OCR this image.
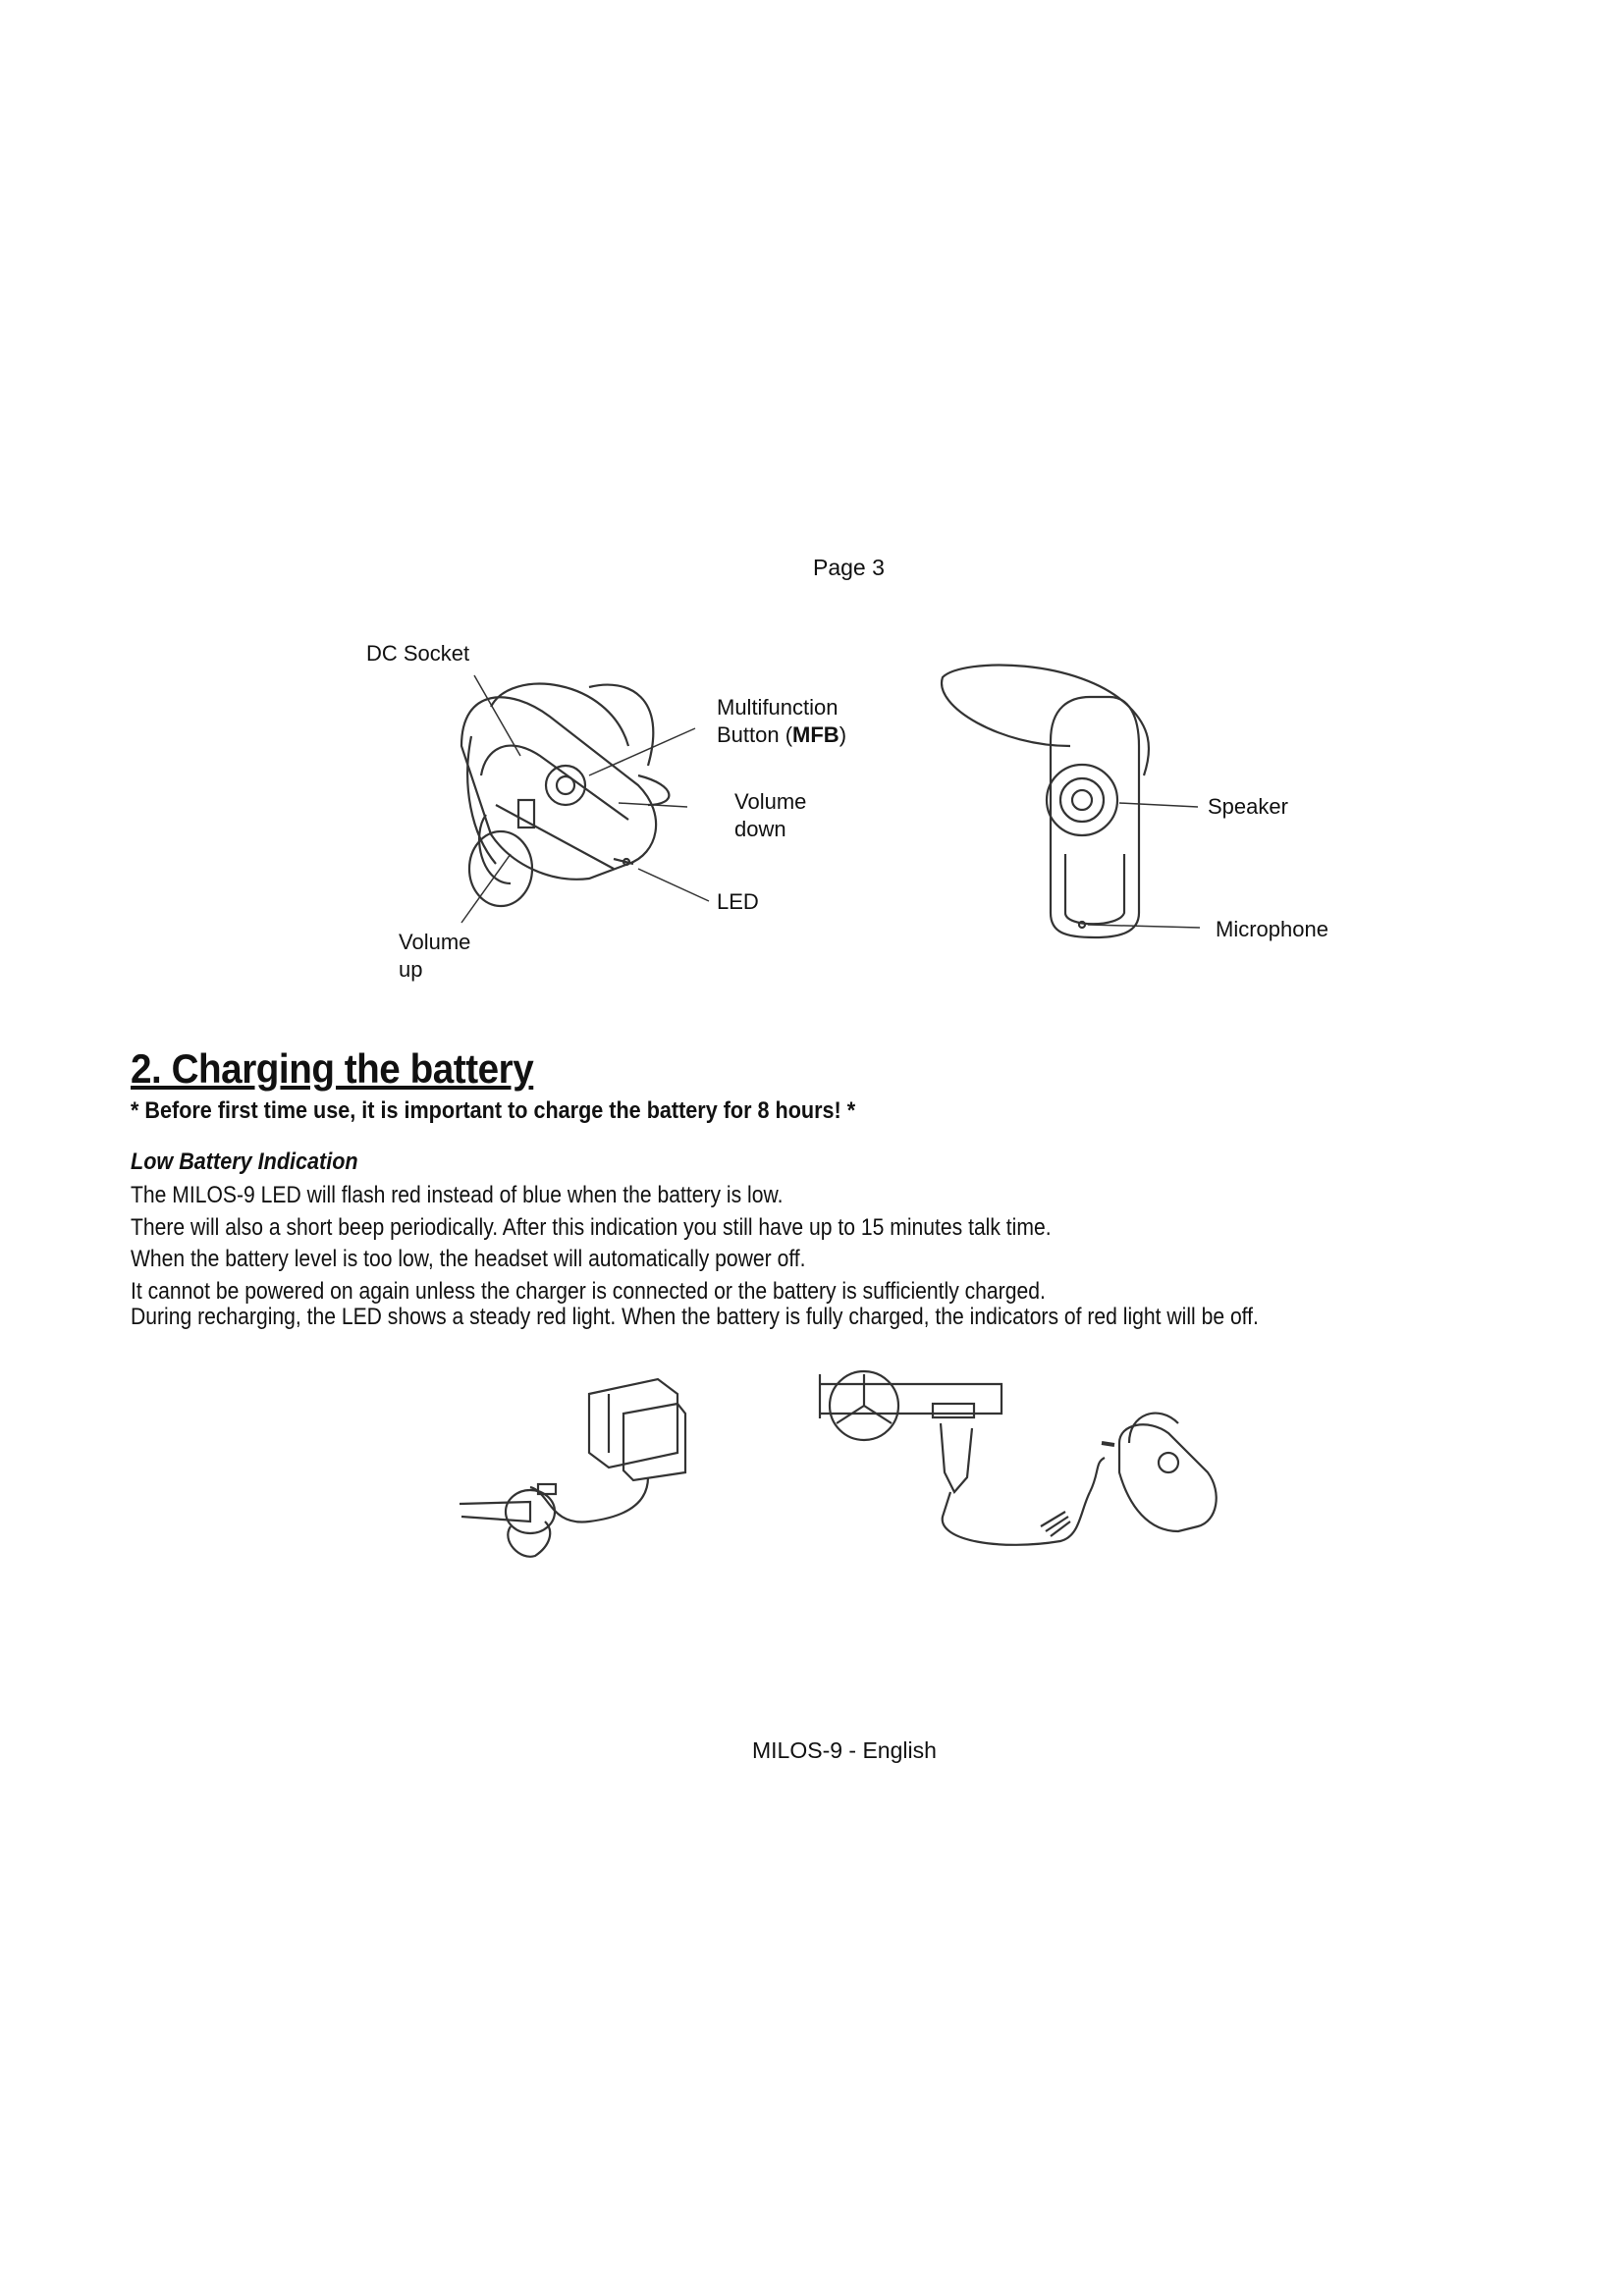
Page 3
DC Socket
Multifunction
Button (MFB)
Volume
down
LED
Volume
up
Speaker
Microphone
2. Charging the battery
* Before first time use, it is important to charge the battery for 8 hours! *
Low Battery Indication
The MILOS-9 LED will flash red instead of blue when the battery is low.
There will also a short beep periodically. After this indication you still have up to 15 minutes talk time.
When the battery level is too low, the headset will automatically power off.
It cannot be powered on again unless the charger is connected or the battery is sufficiently charged.
During recharging, the LED shows a steady red light. When the battery is fully charged, the indicators of red light will be off.
MILOS-9 - English
